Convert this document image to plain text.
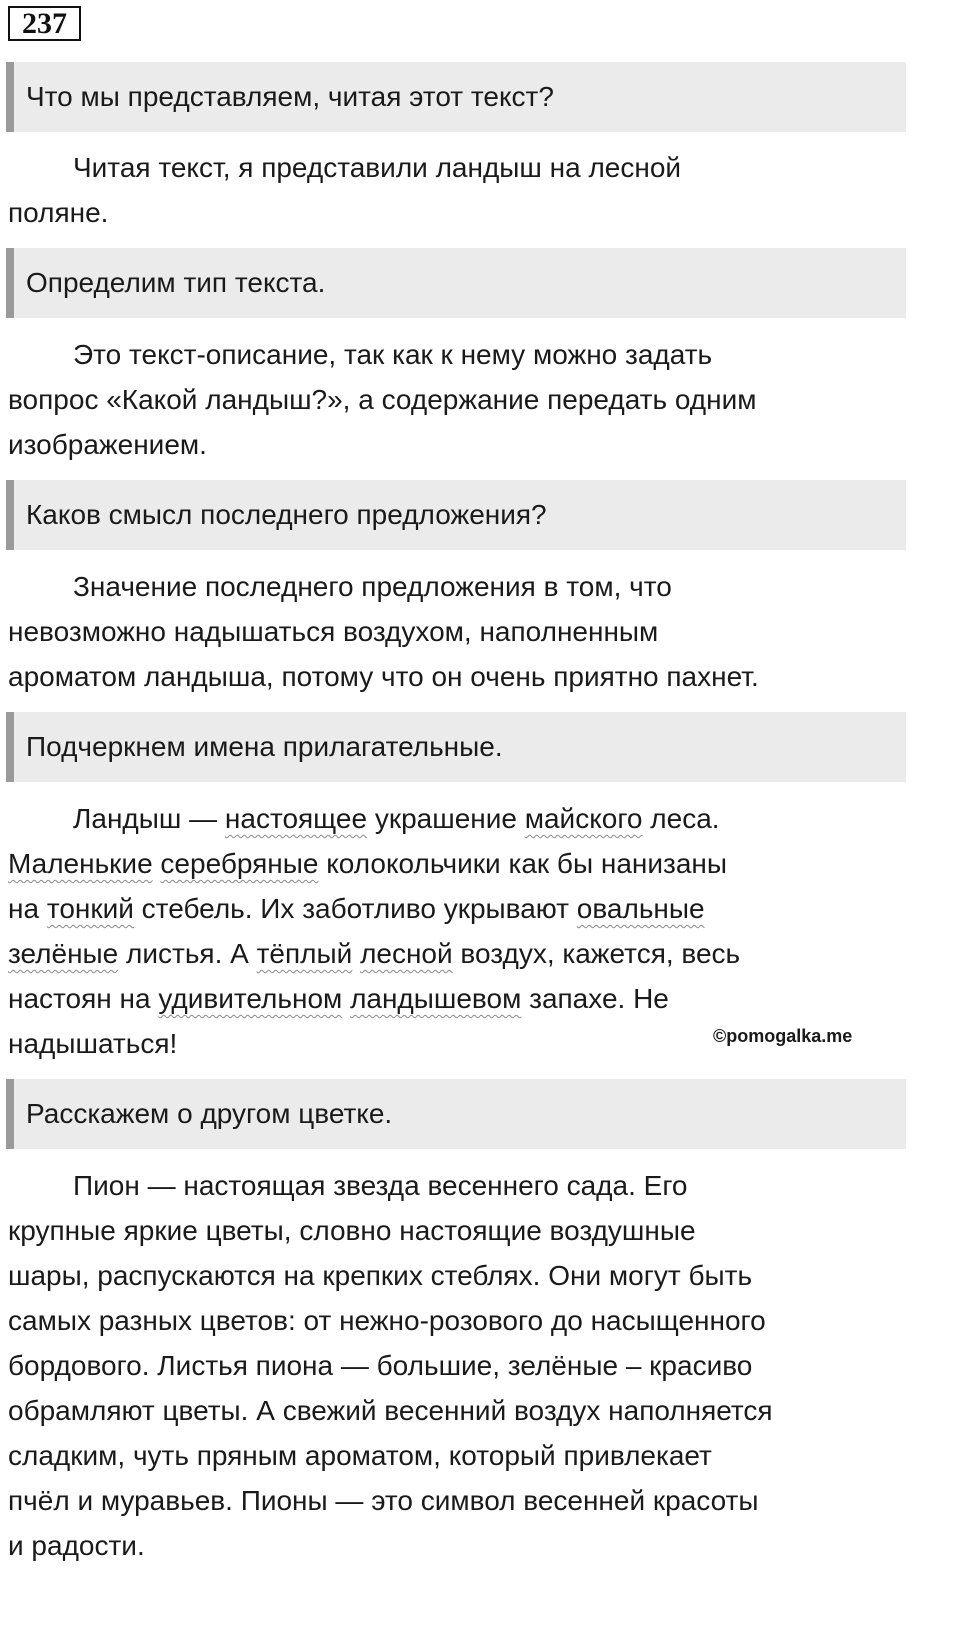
237
Что мы представляем, читая этот текст?

Читая текст, я представили ландыш на лесной

поляне.

Определим тип текста.

Это текст-описание, так как к нему можно задать

вопрос «Какой ландыш?», а содержание передать одним

изображением.

Каков смысл последнего предложения?

Значение последнего предложения в том, что

невозможно надышаться воздухом, наполненным

ароматом ландыша, потому что он очень приятно пахнет.

Подчеркнем имена прилагательные.

Ландыш — настоящее украшение майского леса.

Маленькие серебряные колокольчики как бы нанизаны

на тонкий стебель. Их заботливо укрывают овальные

зелёные листья. А тёплый лесной воздух, кажется, весь

настоян на удивительном ландышевом запахе. Не

надышаться!	©pomogalka.me
Расскажем о другом цветке.

Пион — настоящая звезда весеннего сада. Его

крупные яркие цветы, словно настоящие воздушные

шары, распускаются на крепких стеблях. Они могут быть

самых разных цветов: от нежно-розового до насыщенного

бордового. Листья пиона — большие, зелёные – красиво

обрамляют цветы. А свежий весенний воздух наполняется

сладким, чуть пряным ароматом, который привлекает

пчёл и муравьев. Пионы — это символ весенней красоты

и радости.
